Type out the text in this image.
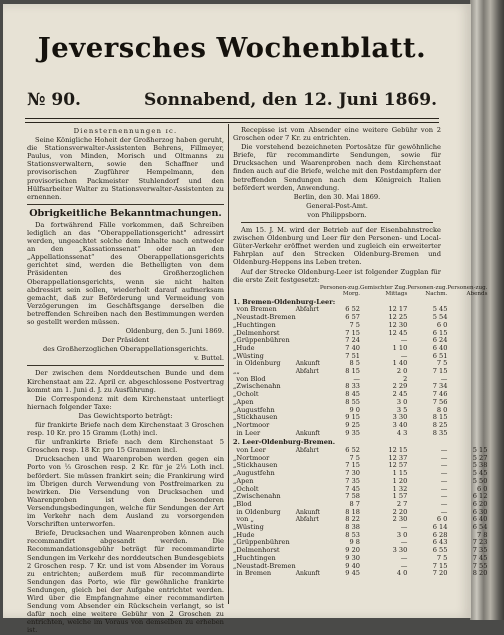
Jeversches Wochenblatt.
№ 90.	Sonnabend, den 12. Juni 1869.
Diensternennungen ɪc.

Seine Königliche Hoheit der Großherzog haben geruht, die Stationsverwalter-Assistenten Behrens, Fillmeyer, Paulus, von Minden, Morisch und Oltmanns zu Stationsverwaltern, sowie den Schaffner und provisorischen Zugführer Hempelmann, den provisorischen Packmeister Stuhlendorf und den Hülfsarbeiter Walter zu Stationsverwalter-Assistenten zu ernennen.

Obrigkeitliche Bekanntmachungen.

Da fortwährend Fälle vorkommen, daß Schreiben lediglich an das "Oberappellationsgericht" adressirt werden, ungeachtet solche dem Inhalte nach entweder an den „Kassationssenat“ oder an den „Appellationssenat“ des Oberappellationsgerichts gerichtet sind, werden die Bethelligten von dem Präsidenten des Großherzoglichen Oberappellationsgerichts, wenn sie nicht halten abdressirt sein sollen, wiederholt darauf aufmerksam gemacht, daß zur Beförderung und Vermeidung von Verzögerungen im Geschäftsgange derselben die betreffenden Schreiben nach den Bestimmungen werden so gestellt werden müssen.

Oldenburg, den 5. Juni 1869.

Der Präsident

des Großherzoglichen Oberappellationsgerichts.

v. Buttel.

Der zwischen dem Norddeutschen Bunde und dem Kirchenstaat am 22. April cr. abgeschlossene Postvertrag kommt am 1. Juni d. J. zu Ausführung.

Die Correspondenz mit dem Kirchenstaat unterliegt hiernach folgender Taxe:

Das Gewichtsporto beträgt:

für frankirte Briefe nach dem Kirchenstaat 3 Groschen resp. 10 Kr. pro 15 Gramm (Loth) incl.

für unfrankirte Briefe nach dem Kirchenstaat 5 Groschen resp. 18 Kr. pro 15 Grammen incl.

Drucksachen und Waarenproben werden gegen ein Porto von ¹⁄₃ Groschen resp. 2 Kr. für je 2¹⁄₂ Loth incl. befördert. Sie müssen frankirt sein; die Frankirung wird im Übrigen durch Verwendung von Postfreimarken zu bewirken. Die Versendung von Drucksachen und Waarenproben ist den besonderen Versendungsbedingungen, welche für Sendungen der Art im Verkehr nach dem Ausland zu vorsorgenden Vorschriften unterworfen.

Briefe, Drucksachen und Waarenproben können auch recommandirt abgesandt werden. Die Recommandationsgebühr beträgt für recommandirte Sendungen im Verkehr des norddeutschen Bundesgebiets 2 Groschen resp. 7 Kr. und ist vom Absender im Voraus zu entrichten; außerdem muß für recommandirte Sendungen das Porto, wie für gewöhnliche frankirte Sendungen, gleich bei der Aufgabe entrichtet werden. Wird über die Empfangnahme einer recommandirten Sendung vom Absender ein Rückschein verlangt, so ist dafür noch eine weitere Gebühr von 2 Groschen zu entrichten, welche im Voraus von demselben zu erheben ist.

Recepisse ist vom Absender eine weitere Gebühr von 2 Groschen oder 7 Kr. zu entrichten.

Die vorstehend bezeichneten Portosätze für gewöhnliche Briefe, für recommandirte Sendungen, sowie für Drucksachen und Waarenproben nach dem Kirchenstaat finden auch auf die Briefe, welche mit den Postdampfern der betreffenden Sendungen nach dem Königreich Italien befördert werden, Anwendung.

Berlin, den 30. Mai 1869.

General-Post-Amt.

von Philippsborn.

Am 15. J. M. wird der Betrieb auf der Eisenbahnstrecke zwischen Oldenburg und Leer für den Personen- und Local-Güter-Verkehr eröffnet werden und zugleich ein erweiterter Fahrplan auf den Strecken Oldenburg-Bremen und Oldenburg-Heppens ins Leben treten.

Auf der Strecke Oldenburg-Leer ist folgender Zugplan für die erste Zeit festgesetzt:

			Personen-zug.	Gemischter Zug.	Personen-zug.	Personen-zug.
			Morg.	Mittags	Nachm.	Abends
1. Bremen-Oldenburg-Leer:						
	von Bremen	Abfahrt	6 52	12 17	5 45	
„	Neustadt-Bremen		6 57	12 25	5 54	
„	Huchtingen		7 5	12 30	6 0	
„	Delmenhorst		7 15	12 45	6 15	
„	Grüppenbühren		7 24	—	6 24	
„	Hude		7 40	1 10	6 40	
„	Wüsting		7 51	—	6 51	
	in Oldenburg	Ankunft	8 5	1 40	7 5	
„	„	Abfahrt	8 15	2 0	7 15	
	von Blod		—	2	—	
„	Zwischenahn		8 33	2 29	7 34	
„	Ocholt		8 45	2 45	7 46	
„	Apen		8 55	3 0	7 56	
„	Augustfehn		9 0	3 5	8 0	
„	Stickhausen		9 15	3 30	8 15	
„	Nortmoor		9 25	3 40	8 25	
	in Leer	Ankunft	9 35	4 3	8 35	
2. Leer-Oldenburg-Bremen.						
	von Leer	Abfahrt	6 52	12 15	—	5 15
„	Nortmoor		7 5	12 37	—	5 27
„	Stickhausen		7 15	12 57	—	5 38
„	Augustfehn		7 30	1 15	—	5 45
„	Apen		7 35	1 20	—	5 50
„	Ocholt		7 45	1 32	—	6 0
„	Zwischenahn		7 58	1 57	—	6 12
„	Blod		8 7	2 7	—	6 20
	in Oldenburg	Ankunft	8 18	2 20	—	6 30
	von „	Abfahrt	8 22	2 30	6 0	6 40
„	Wüsting		8 38	—	6 14	6 54
„	Hude		8 53	3 0	6 28	7 8
„	Grüppenbühren		9 8	—	6 43	7 23
„	Delmenhorst		9 20	3 30	6 55	7 35
„	Huchtingen		9 30	—	7 5	7 45
„	Neustadt-Bremen		9 40	—	7 15	7 55
	in Bremen	Ankunft	9 45	4 0	7 20	8 20
